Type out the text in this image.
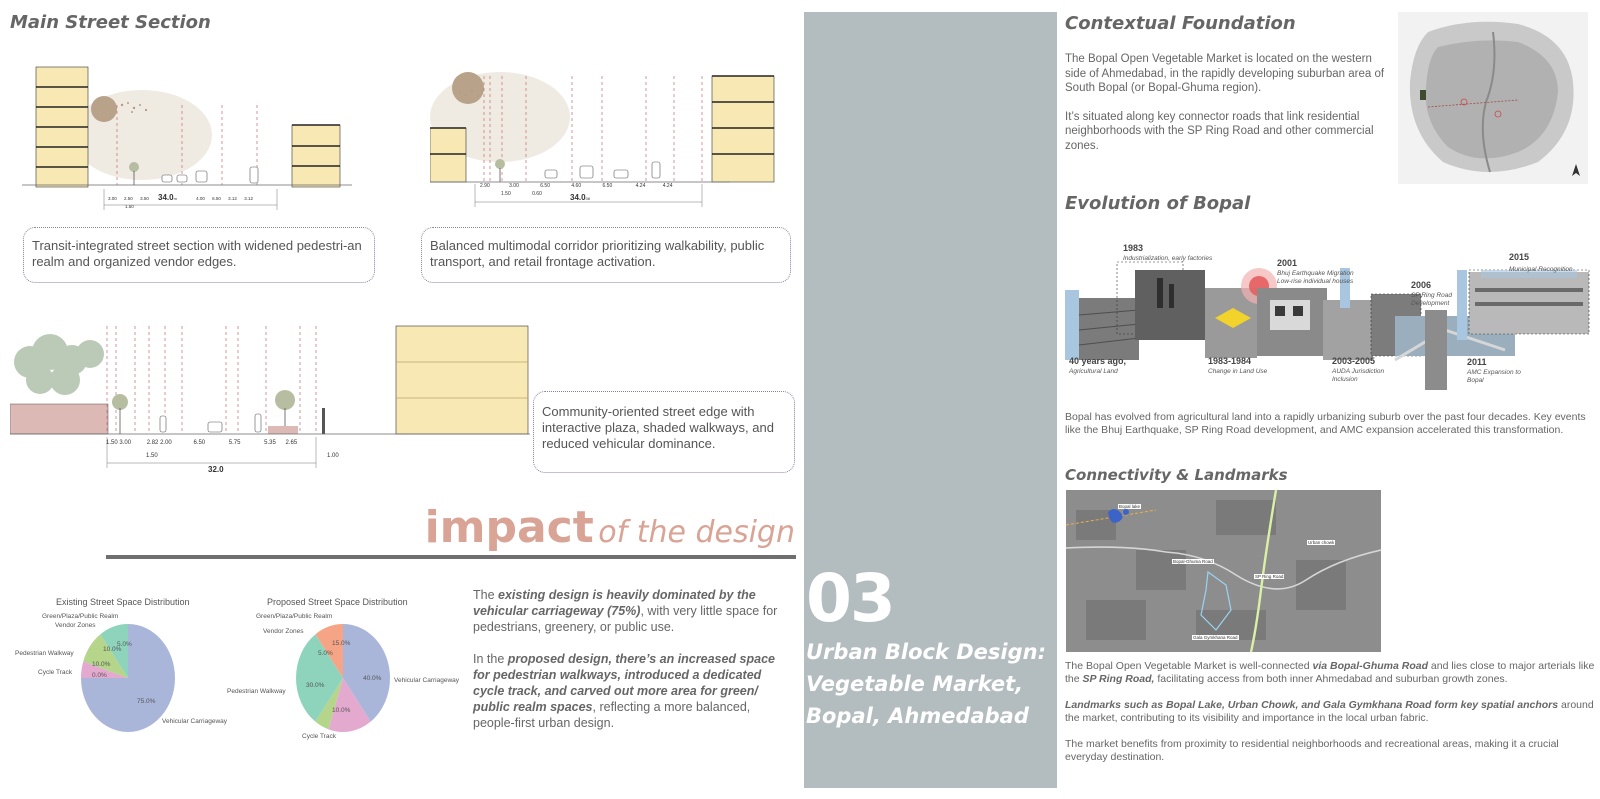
Main Street Section
3.00 2.50 3.50	4.00 6.50 3.12 3.12
1.50
34.0m
2.90	3.00	6.50	4.60	6.50	4.24	4.24
1.50	0.60	34.008
Transit-integrated street section with widened pedestri-an realm and organized vendor edges.
Balanced multimodal corridor prioritizing walkability, public transport, and retail frontage activation.
1.50 3.00	2.82 2.00	6.50	5.75	5.35 2.65
1.50	1.00
32.0
Community-oriented street edge with interactive plaza, shaded walkways, and reduced vehicular dominance.
impact of the design
Existing Street Space Distribution
Green/Plaza/Public Realm
Vendor Zones
Pedestrian Walkway
Cycle Track
Vehicular Carriageway
75.0%
5.0%
10.0%
10.0%
0.0%
Proposed Street Space Distribution
Green/Plaza/Public Realm
Vendor Zones
Pedestrian Walkway
Cycle Track
Vehicular Carriageway
40.0%
15.0%
5.0%
30.0%
10.0%

The existing design is heavily dominated by the vehicular carriageway (75%), with very little space for pedestrians, greenery, or public use.

In the proposed design, there’s an increased space for pedestrian walkways, introduced a dedicated cycle track, and carved out more area for green/ public realm spaces, reflecting a more balanced, people-first urban design.

03
Urban Block Design: Vegetable Market, Bopal, Ahmedabad
Contextual Foundation

The Bopal Open Vegetable Market is located on the western side of Ahmedabad, in the rapidly developing suburban area of South Bopal (or Bopal-Ghuma region).

It’s situated along key connector roads that link residential neighborhoods with the SP Ring Road and other commercial zones.

Evolution of Bopal
40 years ago,
Agricultural Land
1983
Industrialization, early factories
1983-1984
Change in Land Use
2001
Bhuj Earthquake Migration Low-rise individual houses
2003-2005
AUDA Jurisdiction Inclusion
2006
SP Ring Road Development
2011
AMC Expansion to Bopal
2015
Municipal Recognition
Bopal has evolved from agricultural land into a rapidly urbanizing suburb over the past four decades. Key events like the Bhuj Earthquake, SP Ring Road development, and AMC expansion accelerated this transformation.
Connectivity & Landmarks
Bopal lake
Urban chowk
Bopal-Ghuma Road
SP Ring Road
Gala Gymkhana Road

The Bopal Open Vegetable Market is well-connected via Bopal-Ghuma Road and lies close to major arterials like the SP Ring Road, facilitating access from both inner Ahmedabad and suburban growth zones.

Landmarks such as Bopal Lake, Urban Chowk, and Gala Gymkhana Road form key spatial anchors around the market, contributing to its visibility and importance in the local urban fabric.

The market benefits from proximity to residential neighborhoods and recreational areas, making it a crucial everyday destination.
